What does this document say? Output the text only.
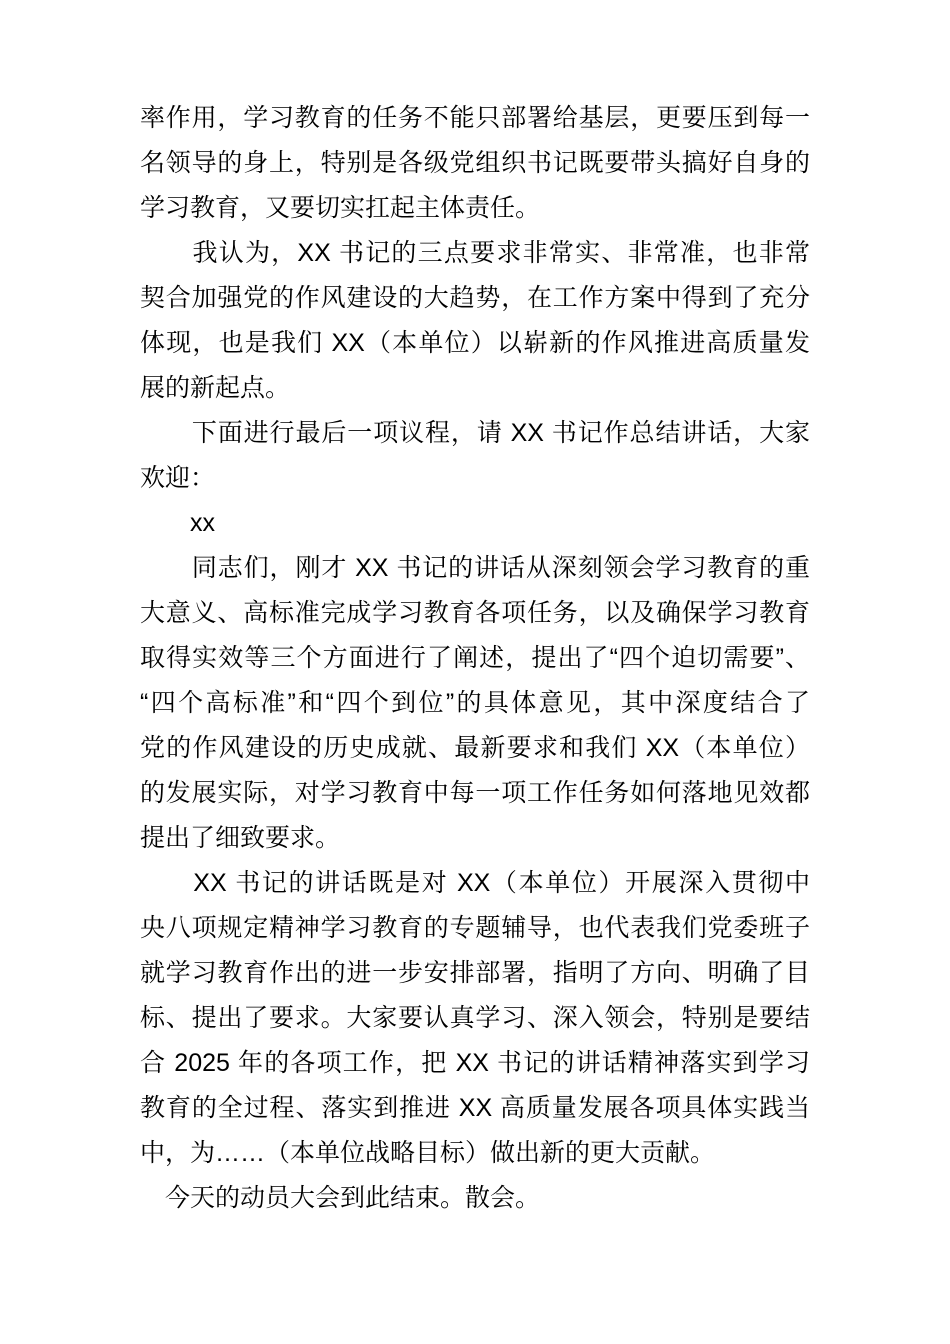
率作用，学习教育的任务不能只部署给基层，更要压到每一
名领导的身上，特别是各级党组织书记既要带头搞好自身的
学习教育，又要切实扛起主体责任。
　　我认为，XX 书记的三点要求非常实、非常准，也非常
契合加强党的作风建设的大趋势，在工作方案中得到了充分
体现，也是我们 XX（本单位）以崭新的作风推进高质量发
展的新起点。
　　下面进行最后一项议程，请 XX 书记作总结讲话，大家
欢迎：
　　xx
　　同志们，刚才 XX 书记的讲话从深刻领会学习教育的重
大意义、高标准完成学习教育各项任务，以及确保学习教育
取得实效等三个方面进行了阐述，提出了“四个迫切需要”、
“四个高标准”和“四个到位”的具体意见，其中深度结合了
党的作风建设的历史成就、最新要求和我们 XX（本单位）
的发展实际，对学习教育中每一项工作任务如何落地见效都
提出了细致要求。
　　XX 书记的讲话既是对 XX（本单位）开展深入贯彻中
央八项规定精神学习教育的专题辅导，也代表我们党委班子
就学习教育作出的进一步安排部署，指明了方向、明确了目
标、提出了要求。大家要认真学习、深入领会，特别是要结
合 2025 年的各项工作，把 XX 书记的讲话精神落实到学习
教育的全过程、落实到推进 XX 高质量发展各项具体实践当
中，为……（本单位战略目标）做出新的更大贡献。
　今天的动员大会到此结束。散会。
